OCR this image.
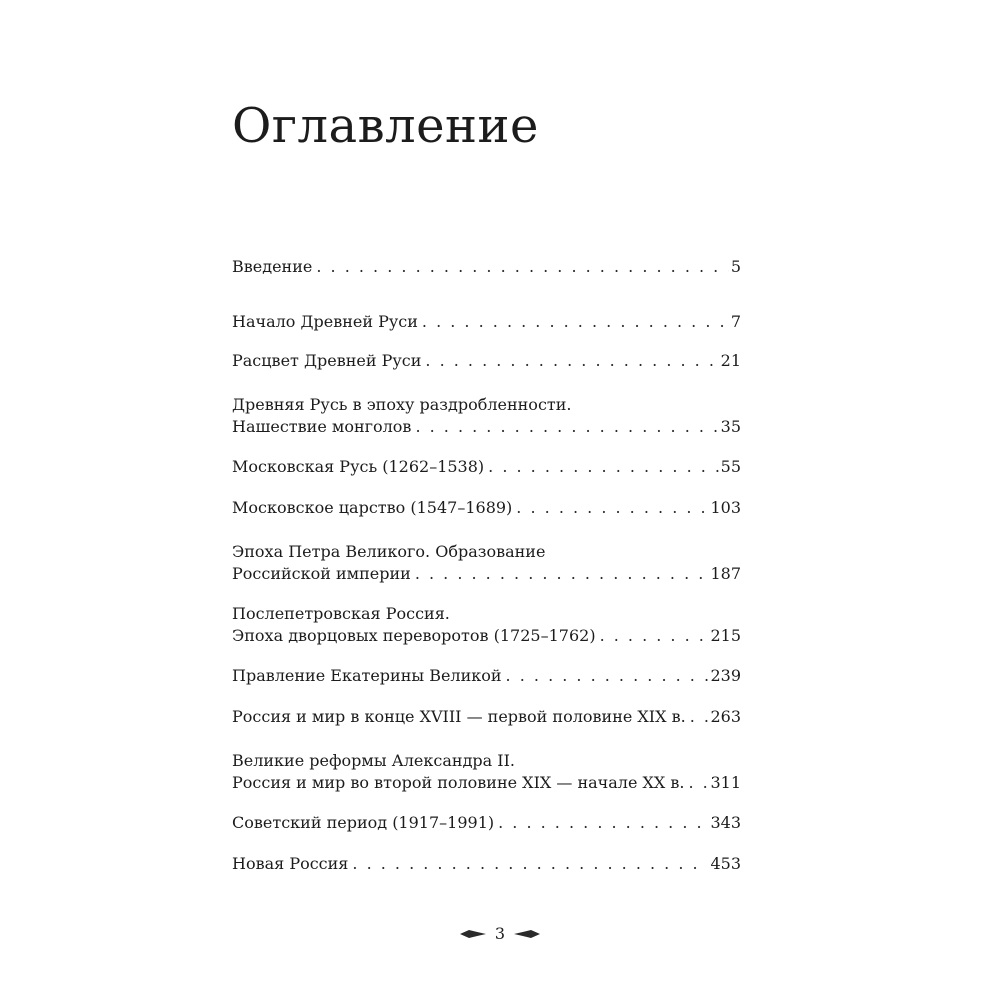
Оглавление
Введение . . .	5
Начало Древней Руси . . .	7
Расцвет Древней Руси . . .	21
Древняя Русь в эпоху раздробленности.
Нашествие монголов . . .	35
Московская Русь (1262–1538) . . .	55
Московское царство (1547–1689) . . .	103
Эпоха Петра Великого. Образование
Российской империи . . .	187
Послепетровская Россия.
Эпоха дворцовых переворотов (1725–1762) . . .	215
Правление Екатерины Великой . . .	239
Россия и мир в конце XVIII — первой половине XIX в. . . . 263
Великие реформы Александра II.
Россия и мир во второй половине XIX — начале XX в. . . . 311
Советский период (1917–1991) . . .	343
Новая Россия . . .	453
3
